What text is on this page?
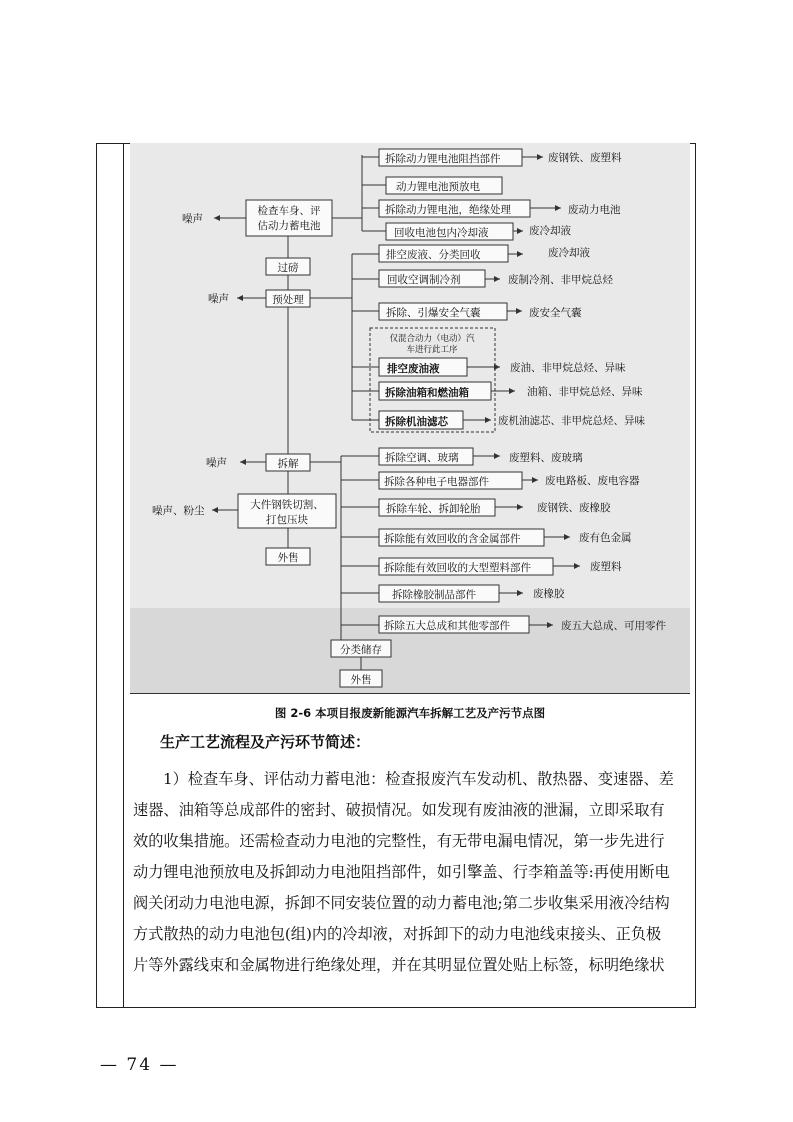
检查车身、评
估动力蓄电池
噪声
拆除动力锂电池阻挡部件	废钢铁、废塑料
动力锂电池预放电
拆除动力锂电池，绝缘处理	废动力电池
回收电池包内冷却液	废冷却液
过磅
预处理
噪声
排空废液、分类回收	废冷却液
回收空调制冷剂	废制冷剂、非甲烷总烃
拆除、引爆安全气囊	废安全气囊
仅混合动力（电动）汽
车进行此工序
排空废油液	废油、非甲烷总烃、异味
拆除油箱和燃油箱	油箱、非甲烷总烃、异味
拆除机油滤芯	废机油滤芯、非甲烷总烃、异味
拆解
噪声	拆除空调、玻璃	废塑料、废玻璃
拆除各种电子电器部件	废电路板、废电容器
拆除车轮、拆卸轮胎	废钢铁、废橡胶
拆除能有效回收的含金属部件	废有色金属
拆除能有效回收的大型塑料部件	废塑料
拆除橡胶制品部件	废橡胶
拆除五大总成和其他零部件	废五大总成、可用零件
大件钢铁切割、
打包压块
噪声、粉尘
外售
分类储存
外售
图 2-6 本项目报废新能源汽车拆解工艺及产污节点图
生产工艺流程及产污环节简述：
1）检查车身、评估动力蓄电池：检查报废汽车发动机、散热器、变速器、差
速器、油箱等总成部件的密封、破损情况。如发现有废油液的泄漏，立即采取有
效的收集措施。还需检查动力电池的完整性，有无带电漏电情况，第一步先进行
动力锂电池预放电及拆卸动力电池阻挡部件，如引擎盖、行李箱盖等:再使用断电
阀关闭动力电池电源，拆卸不同安装位置的动力蓄电池;第二步收集采用液冷结构
方式散热的动力电池包(组)内的冷却液，对拆卸下的动力电池线束接头、正负极
片等外露线束和金属物进行绝缘处理，并在其明显位置处贴上标签，标明绝缘状
— 74 —
